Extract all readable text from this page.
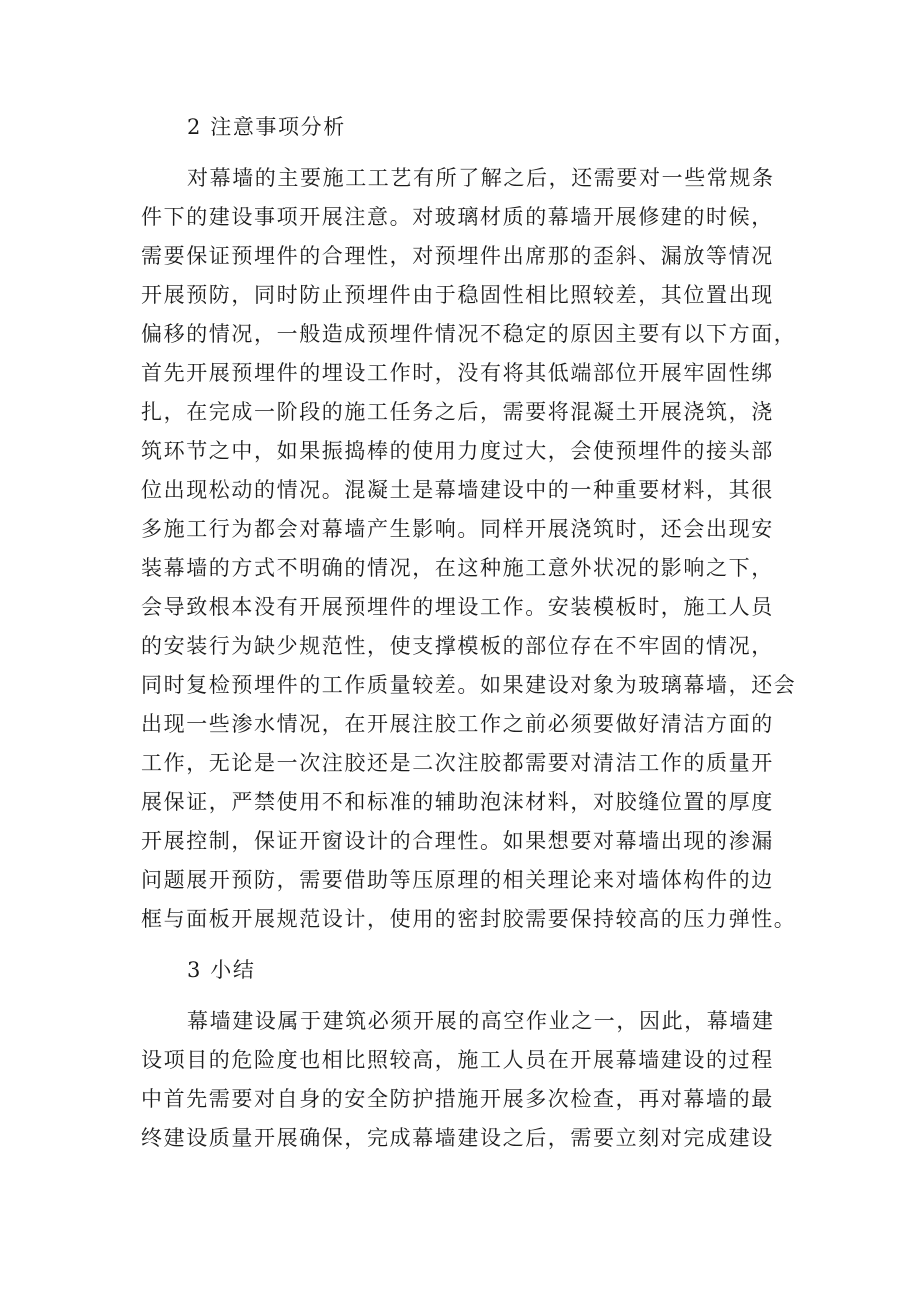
2 注意事项分析
对幕墙的主要施工工艺有所了解之后，还需要对一些常规条
件下的建设事项开展注意。对玻璃材质的幕墙开展修建的时候，
需要保证预埋件的合理性，对预埋件出席那的歪斜、漏放等情况
开展预防，同时防止预埋件由于稳固性相比照较差，其位置出现
偏移的情况，一般造成预埋件情况不稳定的原因主要有以下方面，
首先开展预埋件的埋设工作时，没有将其低端部位开展牢固性绑
扎，在完成一阶段的施工任务之后，需要将混凝土开展浇筑，浇
筑环节之中，如果振捣棒的使用力度过大，会使预埋件的接头部
位出现松动的情况。混凝土是幕墙建设中的一种重要材料，其很
多施工行为都会对幕墙产生影响。同样开展浇筑时，还会出现安
装幕墙的方式不明确的情况，在这种施工意外状况的影响之下，
会导致根本没有开展预埋件的埋设工作。安装模板时，施工人员
的安装行为缺少规范性，使支撑模板的部位存在不牢固的情况，
同时复检预埋件的工作质量较差。如果建设对象为玻璃幕墙，还会
出现一些渗水情况，在开展注胶工作之前必须要做好清洁方面的
工作，无论是一次注胶还是二次注胶都需要对清洁工作的质量开
展保证，严禁使用不和标准的辅助泡沫材料，对胶缝位置的厚度
开展控制，保证开窗设计的合理性。如果想要对幕墙出现的渗漏
问题展开预防，需要借助等压原理的相关理论来对墙体构件的边
框与面板开展规范设计，使用的密封胶需要保持较高的压力弹性。
3 小结
幕墙建设属于建筑必须开展的高空作业之一，因此，幕墙建
设项目的危险度也相比照较高，施工人员在开展幕墙建设的过程
中首先需要对自身的安全防护措施开展多次检查，再对幕墙的最
终建设质量开展确保，完成幕墙建设之后，需要立刻对完成建设
